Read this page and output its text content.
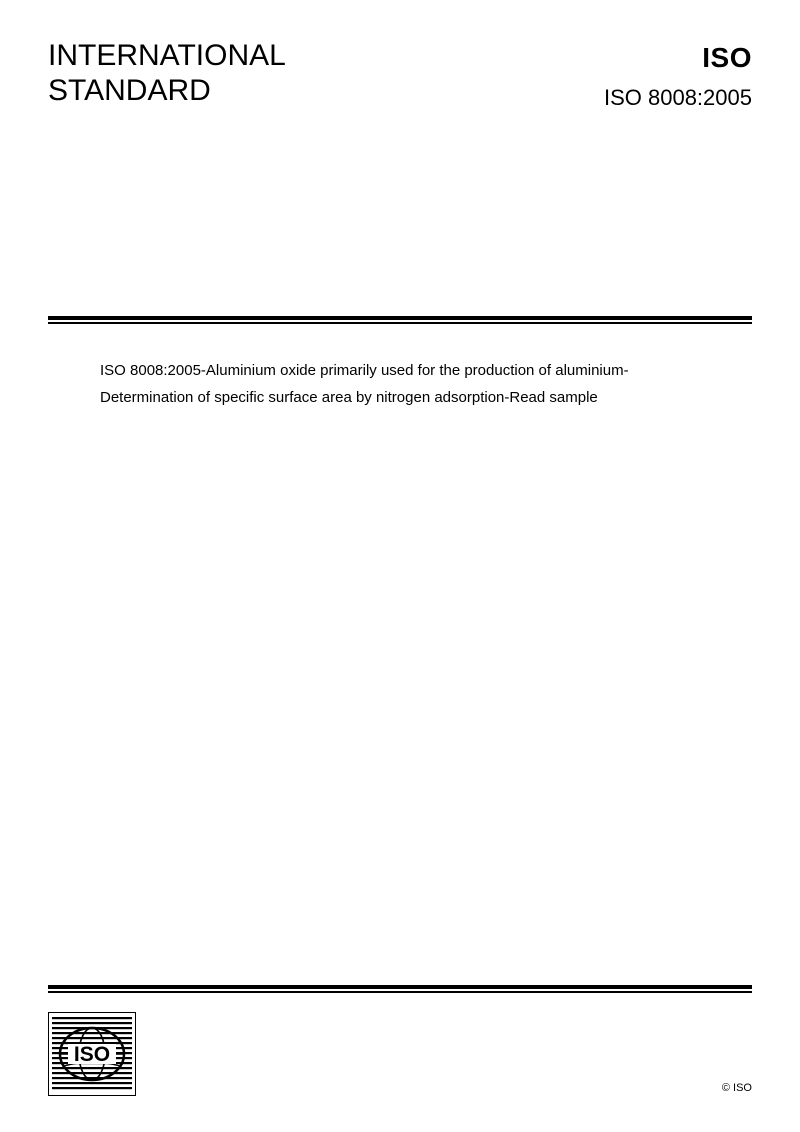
INTERNATIONAL
STANDARD
ISO
ISO 8008:2005
ISO 8008:2005-Aluminium oxide primarily used for the production of aluminium-Determination of specific surface area by nitrogen adsorption-Read sample
ISO
© ISO
